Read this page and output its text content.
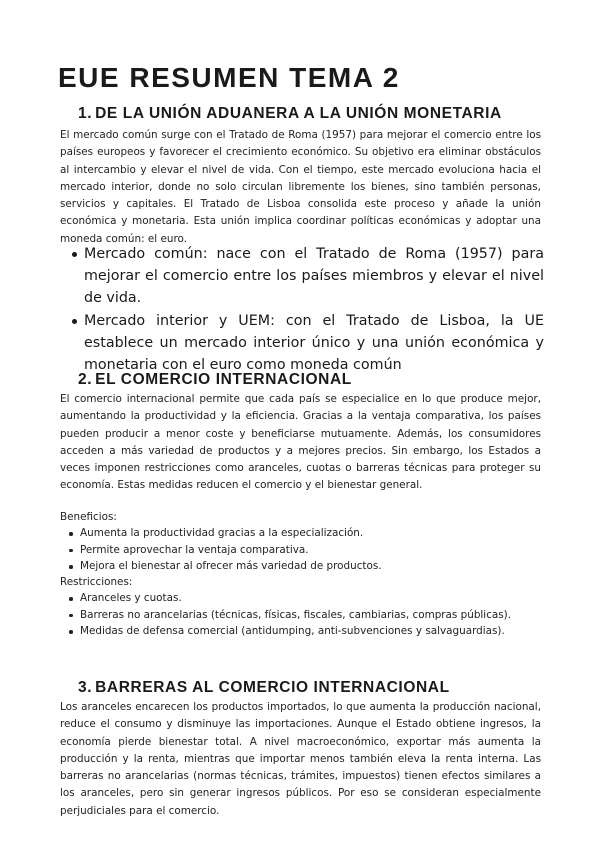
EUE RESUMEN TEMA 2
1. DE LA UNIÓN ADUANERA A LA UNIÓN MONETARIA

El mercado común surge con el Tratado de Roma (1957) para mejorar el comercio entre los países europeos y favorecer el crecimiento económico. Su objetivo era eliminar obstáculos al intercambio y elevar el nivel de vida. Con el tiempo, este mercado evoluciona hacia el mercado interior, donde no solo circulan libremente los bienes, sino también personas, servicios y capitales. El Tratado de Lisboa consolida este proceso y añade la unión económica y monetaria. Esta unión implica coordinar políticas económicas y adoptar una moneda común: el euro.

Mercado común: nace con el Tratado de Roma (1957) para mejorar el comercio entre los países miembros y elevar el nivel de vida.
Mercado interior y UEM: con el Tratado de Lisboa, la UE establece un mercado interior único y una unión económica y monetaria con el euro como moneda común
2. EL COMERCIO INTERNACIONAL

El comercio internacional permite que cada país se especialice en lo que produce mejor, aumentando la productividad y la eficiencia. Gracias a la ventaja comparativa, los países pueden producir a menor coste y beneficiarse mutuamente. Además, los consumidores acceden a más variedad de productos y a mejores precios. Sin embargo, los Estados a veces imponen restricciones como aranceles, cuotas o barreras técnicas para proteger su economía. Estas medidas reducen el comercio y el bienestar general.

Beneficios:

Aumenta la productividad gracias a la especialización.
Permite aprovechar la ventaja comparativa.
Mejora el bienestar al ofrecer más variedad de productos.

Restricciones:

Aranceles y cuotas.
Barreras no arancelarias (técnicas, físicas, fiscales, cambiarias, compras públicas).
Medidas de defensa comercial (antidumping, anti-subvenciones y salvaguardias).
3. BARRERAS AL COMERCIO INTERNACIONAL

Los aranceles encarecen los productos importados, lo que aumenta la producción nacional, reduce el consumo y disminuye las importaciones. Aunque el Estado obtiene ingresos, la economía pierde bienestar total. A nivel macroeconómico, exportar más aumenta la producción y la renta, mientras que importar menos también eleva la renta interna. Las barreras no arancelarias (normas técnicas, trámites, impuestos) tienen efectos similares a los aranceles, pero sin generar ingresos públicos. Por eso se consideran especialmente perjudiciales para el comercio.
